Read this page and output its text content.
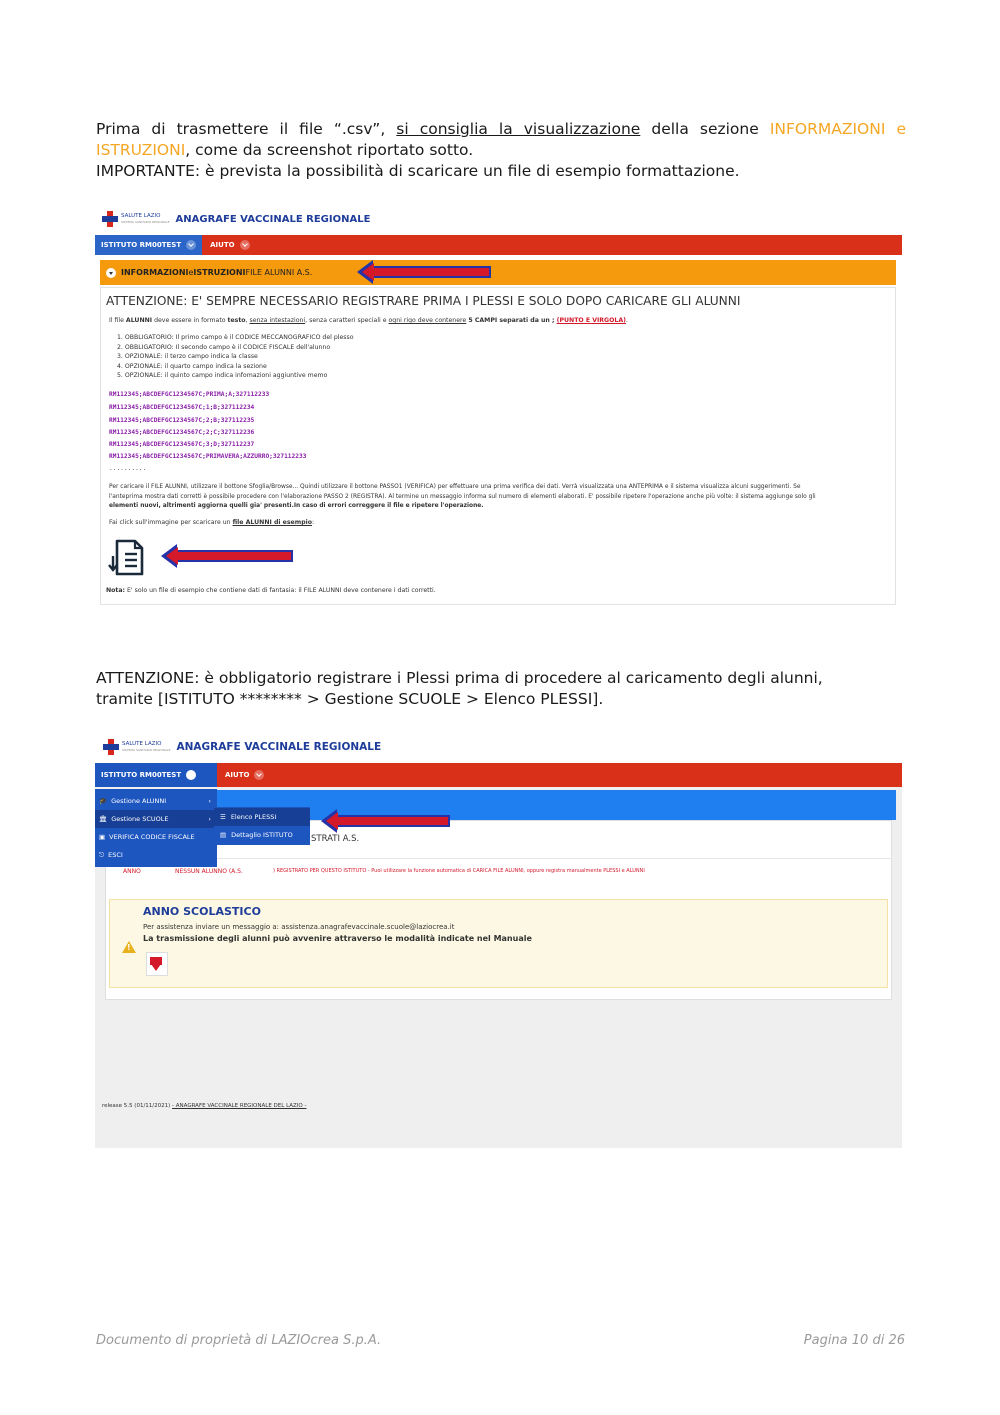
Prima di trasmettere il file “.csv”, si consiglia la visualizzazione della sezione INFORMAZIONI e ISTRUZIONI, come da screenshot riportato sotto.
IMPORTANTE: è prevista la possibilità di scaricare un file di esempio formattazione.
SALUTE LAZIO
SISTEMA SANITARIO REGIONALE ANAGRAFE VACCINALE REGIONALE
ISTITUTO RM00TEST	AIUTO
INFORMAZIONI e ISTRUZIONI FILE ALUNNI A.S.
ATTENZIONE: E' SEMPRE NECESSARIO REGISTRARE PRIMA I PLESSI E SOLO DOPO CARICARE GLI ALUNNI
Il file ALUNNI deve essere in formato testo, senza intestazioni, senza caratteri speciali e ogni rigo deve contenere 5 CAMPI separati da un ; (PUNTO E VIRGOLA).
1. OBBLIGATORIO: Il primo campo è il CODICE MECCANOGRAFICO del plesso
2. OBBLIGATORIO: Il secondo campo è il CODICE FISCALE dell'alunno
3. OPZIONALE: il terzo campo indica la classe
4. OPZIONALE: il quarto campo indica la sezione
5. OPZIONALE: il quinto campo indica infomazioni aggiuntive memo
RM112345;ABCDEFGC1234567C;PRIMA;A;327112233
RM112345;ABCDEFGC1234567C;1;B;327112234
RM112345;ABCDEFGC1234567C;2;B;327112235
RM112345;ABCDEFGC1234567C;2;C;327112236
RM112345;ABCDEFGC1234567C;3;D;327112237
RM112345;ABCDEFGC1234567C;PRIMAVERA;AZZURRO;327112233
..........
Per caricare il FILE ALUNNI, utilizzare il bottone Sfoglia/Browse... Quindi utilizzare il bottone PASSO1 (VERIFICA) per effettuare una prima verifica dei dati. Verrà visualizzata una ANTEPRIMA e il sistema visualizza alcuni suggerimenti. Se
l'anteprima mostra dati corretti è possibile procedere con l'elaborazione PASSO 2 (REGISTRA). Al termine un messaggio informa sul numero di elementi elaborati. E' possibile ripetere l'operazione anche più volte: il sistema aggiunge solo gli
elementi nuovi, altrimenti aggiorna quelli gia' presenti.In caso di errori correggere il file e ripetere l'operazione.
Fai click sull'immagine per scaricare un file ALUNNI di esempio:
Nota: E' solo un file di esempio che contiene dati di fantasia: il FILE ALUNNI deve contenere i dati corretti.
ATTENZIONE: è obbligatorio registrare i Plessi prima di procedere al caricamento degli alunni,
tramite [ISTITUTO ******** > Gestione SCUOLE > Elenco PLESSI].
SALUTE LAZIO
SISTEMA SANITARIO REGIONALE ANAGRAFE VACCINALE REGIONALE
ISTITUTO RM00TEST	AIUTO
STRATI A.S.
ANNO	NESSUN ALUNNO (A.S.	) REGISTRATO PER QUESTO ISTITUTO - Puoi utilizzare la funzione automatica di CARICA FILE ALUNNI, oppure registra manualmente PLESSI e ALUNNI
!
ANNO SCOLASTICO
Per assistenza inviare un messaggio a: assistenza.anagrafevaccinale.scuole@laziocrea.it
La trasmissione degli alunni può avvenire attraverso le modalità indicate nel Manuale
🎓 Gestione ALUNNI	›
🏛 Gestione SCUOLE	›
▣ VERIFICA CODICE FISCALE
⎋ ESCI
☰ Elenco PLESSI
▤ Dettaglio ISTITUTO
release 5.5 (01/11/2021) - ANAGRAFE VACCINALE REGIONALE DEL LAZIO -
Documento di proprietà di LAZIOcrea S.p.A.	Pagina 10 di 26
